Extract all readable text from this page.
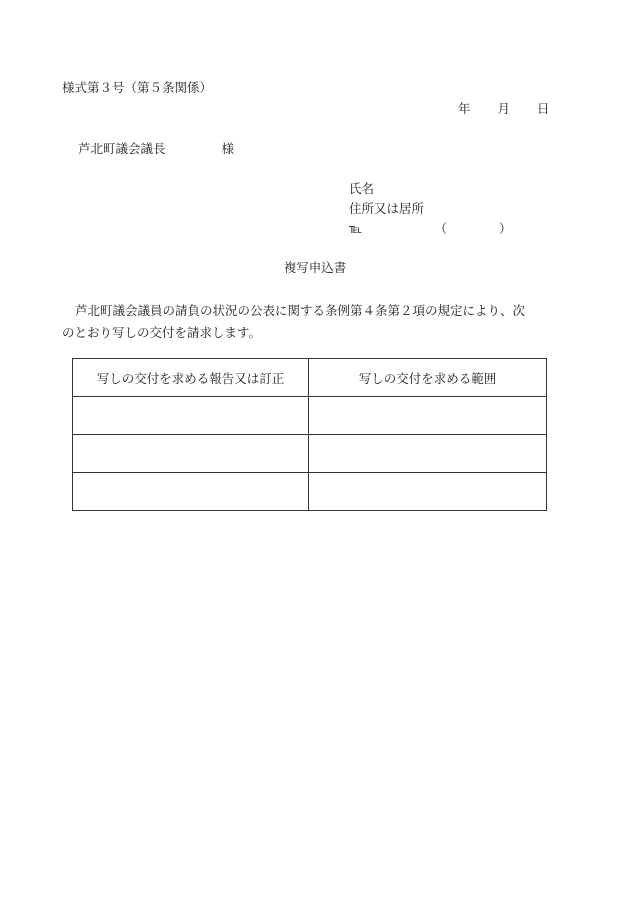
様式第３号（第５条関係）
年 月 日
芦北町議会議長	様
氏名
住所又は居所
℡	（	）
複写申込書
芦北町議会議員の請負の状況の公表に関する条例第４条第２項の規定により、次
のとおり写しの交付を請求します。
写しの交付を求める報告又は訂正	写しの交付を求める範囲
